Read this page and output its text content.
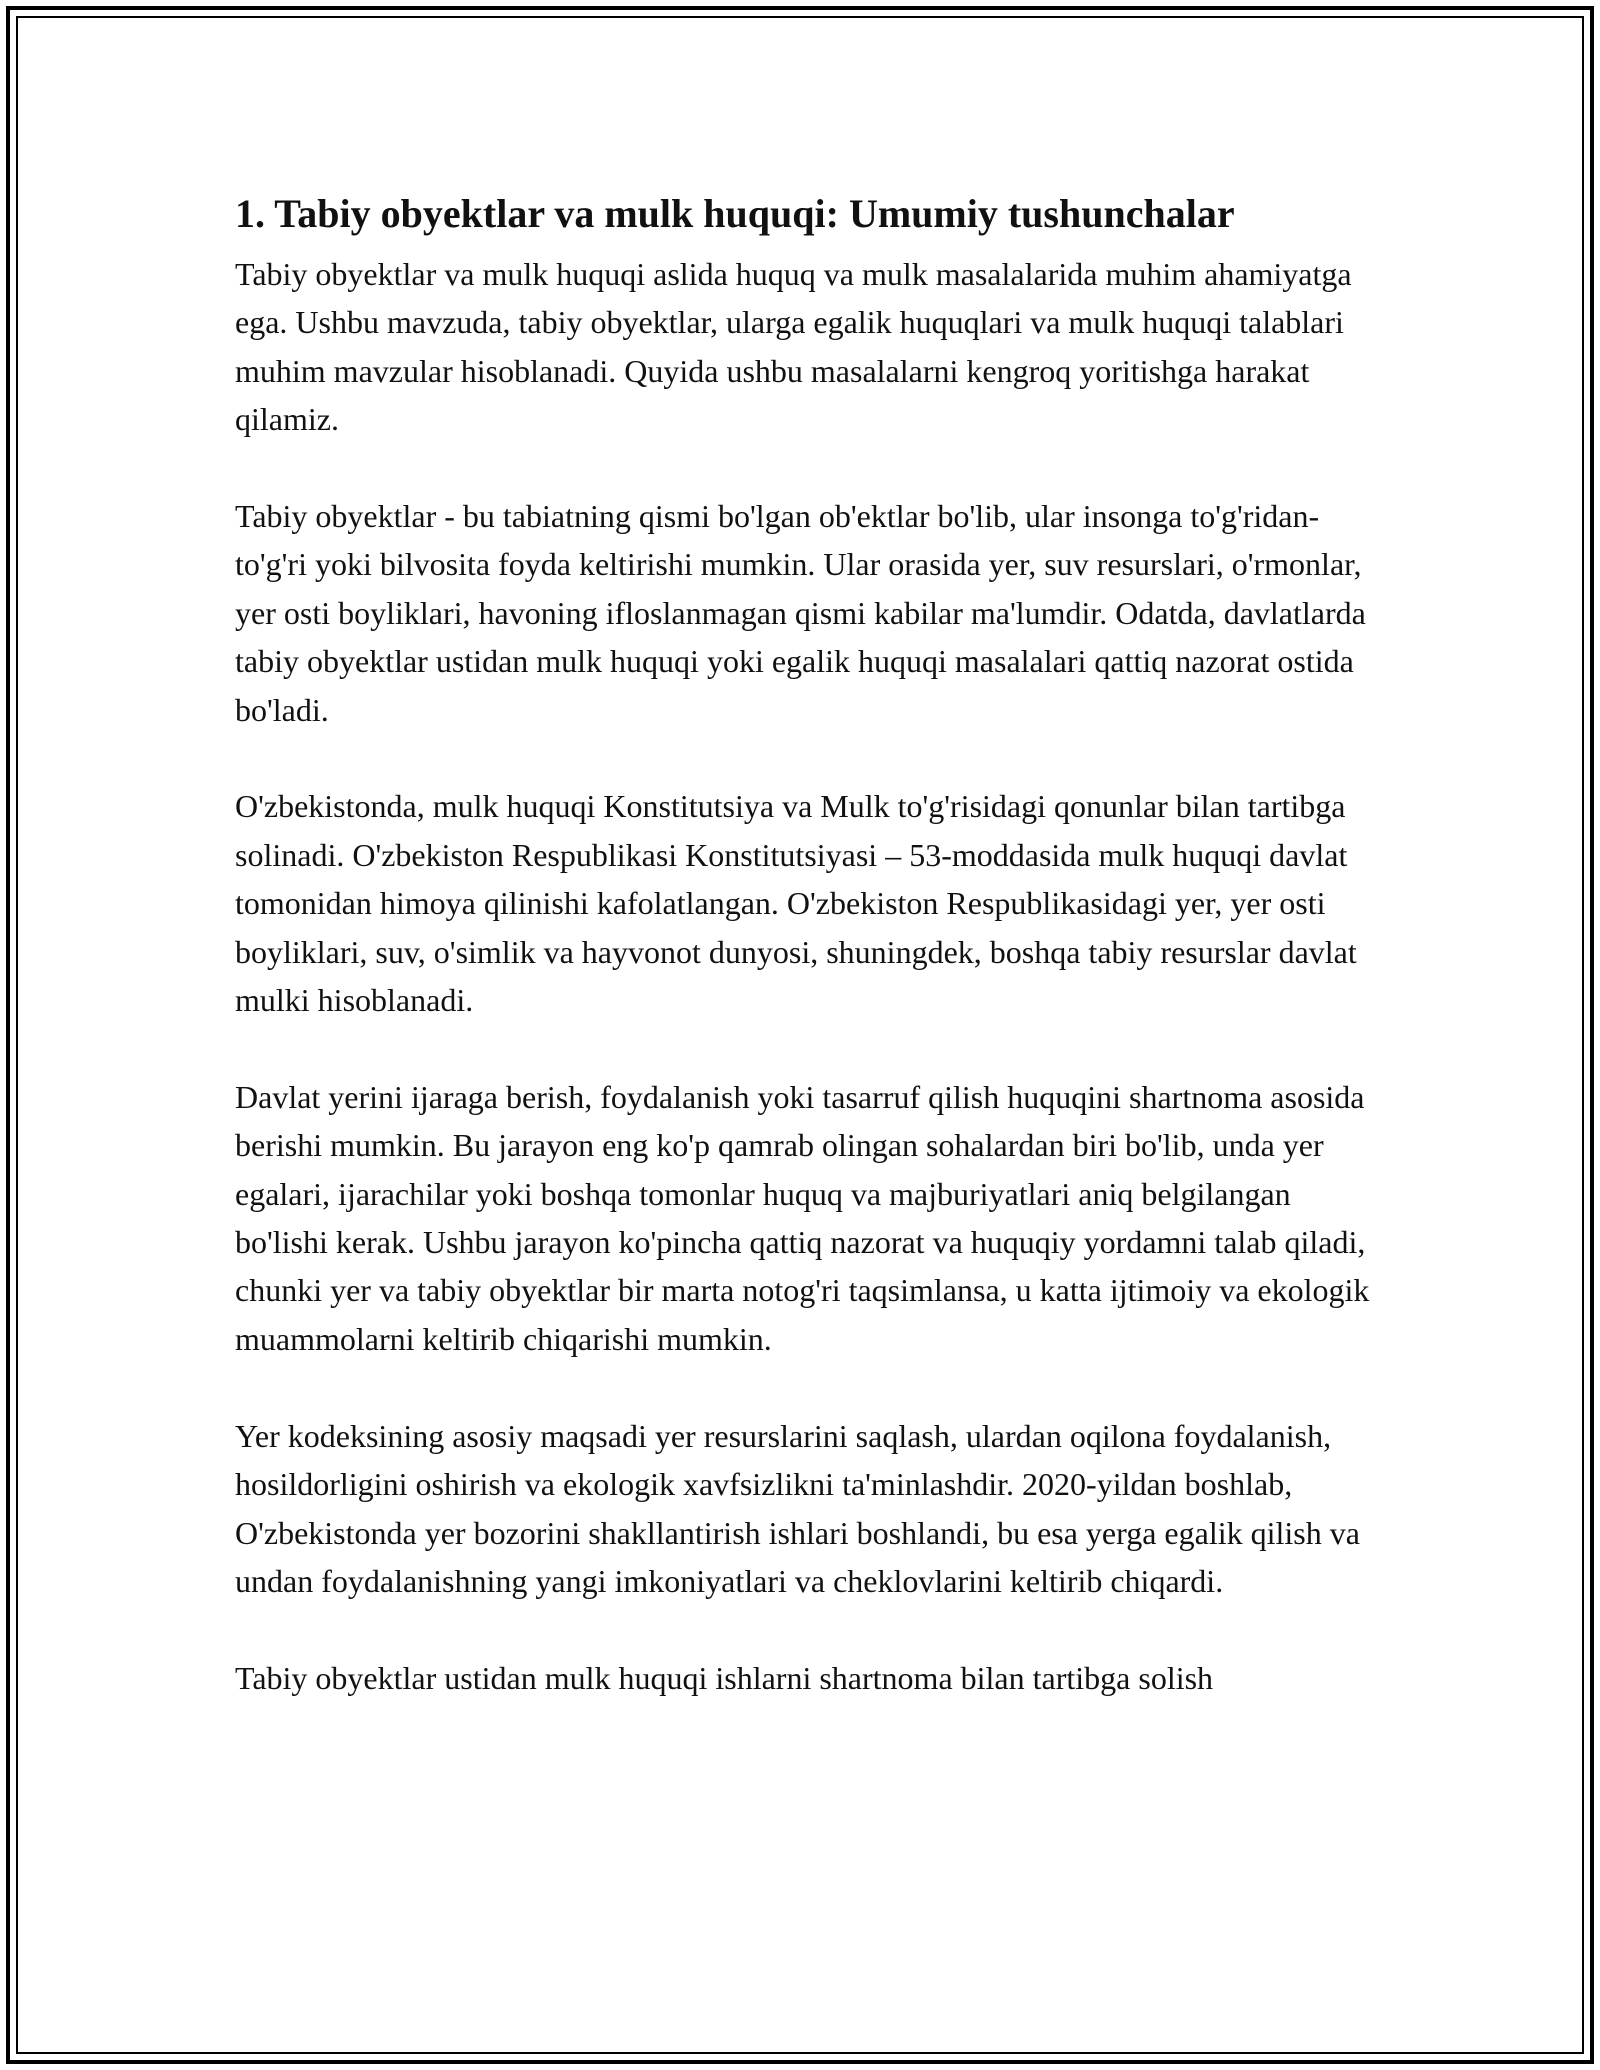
1. Tabiy obyektlar va mulk huquqi: Umumiy tushunchalar

Tabiy obyektlar va mulk huquqi aslida huquq va mulk masalalarida muhim ahamiyatga ega. Ushbu mavzuda, tabiy obyektlar, ularga egalik huquqlari va mulk huquqi talablari muhim mavzular hisoblanadi. Quyida ushbu masalalarni kengroq yoritishga harakat qilamiz.

Tabiy obyektlar - bu tabiatning qismi bo'lgan ob'ektlar bo'lib, ular insonga to'g'ridan-to'g'ri yoki bilvosita foyda keltirishi mumkin. Ular orasida yer, suv resurslari, o'rmonlar, yer osti boyliklari, havoning ifloslanmagan qismi kabilar ma'lumdir. Odatda, davlatlarda tabiy obyektlar ustidan mulk huquqi yoki egalik huquqi masalalari qattiq nazorat ostida bo'ladi.

O'zbekistonda, mulk huquqi Konstitutsiya va Mulk to'g'risidagi qonunlar bilan tartibga solinadi. O'zbekiston Respublikasi Konstitutsiyasi – 53-moddasida mulk huquqi davlat tomonidan himoya qilinishi kafolatlangan. O'zbekiston Respublikasidagi yer, yer osti boyliklari, suv, o'simlik va hayvonot dunyosi, shuningdek, boshqa tabiy resurslar davlat mulki hisoblanadi.

Davlat yerini ijaraga berish, foydalanish yoki tasarruf qilish huquqini shartnoma asosida berishi mumkin. Bu jarayon eng ko'p qamrab olingan sohalardan biri bo'lib, unda yer egalari, ijarachilar yoki boshqa tomonlar huquq va majburiyatlari aniq belgilangan bo'lishi kerak. Ushbu jarayon ko'pincha qattiq nazorat va huquqiy yordamni talab qiladi, chunki yer va tabiy obyektlar bir marta notog'ri taqsimlansa, u katta ijtimoiy va ekologik muammolarni keltirib chiqarishi mumkin.

Yer kodeksining asosiy maqsadi yer resurslarini saqlash, ulardan oqilona foydalanish, hosildorligini oshirish va ekologik xavfsizlikni ta'minlashdir. 2020-yildan boshlab, O'zbekistonda yer bozorini shakllantirish ishlari boshlandi, bu esa yerga egalik qilish va undan foydalanishning yangi imkoniyatlari va cheklovlarini keltirib chiqardi.

Tabiy obyektlar ustidan mulk huquqi ishlarni shartnoma bilan tartibga solish
